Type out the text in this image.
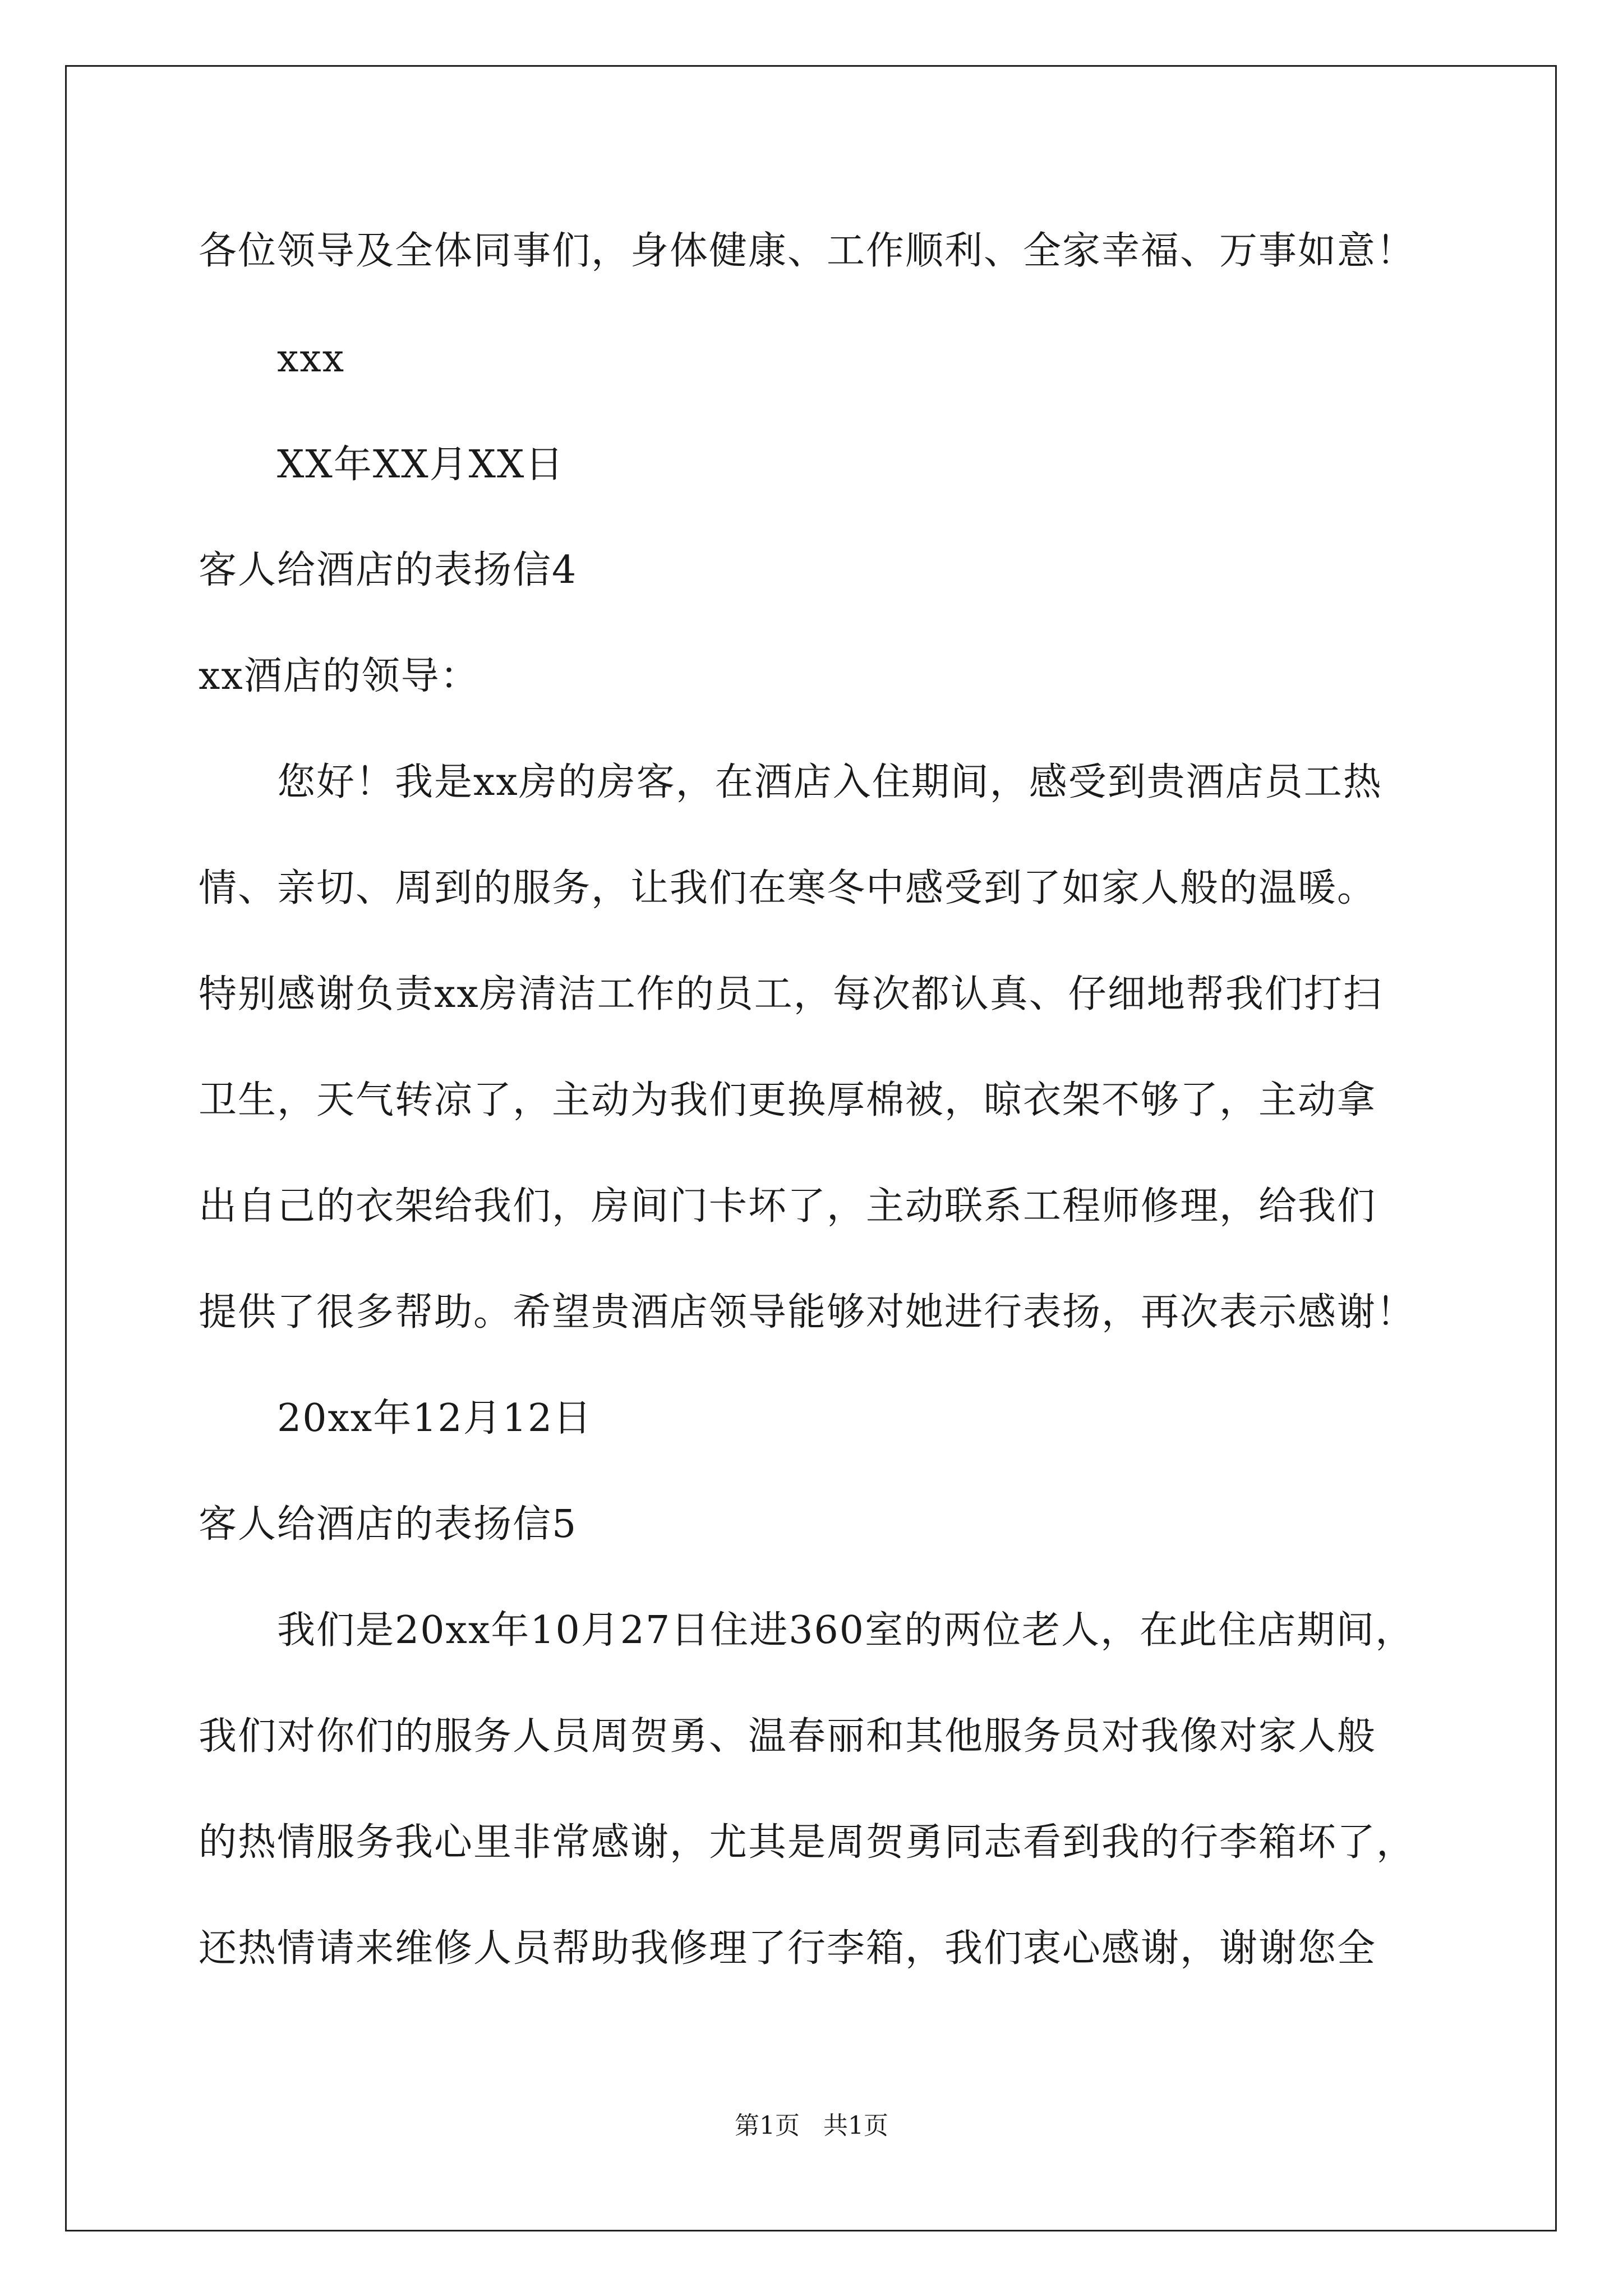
各位领导及全体同事们，身体健康、工作顺利、全家幸福、万事如意！
xxx
XX年XX月XX日
客人给酒店的表扬信4
xx酒店的领导：
您好！我是xx房的房客，在酒店入住期间，感受到贵酒店员工热
情、亲切、周到的服务，让我们在寒冬中感受到了如家人般的温暖。
特别感谢负责xx房清洁工作的员工，每次都认真、仔细地帮我们打扫
卫生，天气转凉了，主动为我们更换厚棉被，晾衣架不够了，主动拿
出自己的衣架给我们，房间门卡坏了，主动联系工程师修理，给我们
提供了很多帮助。希望贵酒店领导能够对她进行表扬，再次表示感谢！
20xx年12月12日
客人给酒店的表扬信5
我们是20xx年10月27日住进360室的两位老人，在此住店期间，
我们对你们的服务人员周贺勇、温春丽和其他服务员对我像对家人般
的热情服务我心里非常感谢，尤其是周贺勇同志看到我的行李箱坏了，
还热情请来维修人员帮助我修理了行李箱，我们衷心感谢，谢谢您全
第1页   共1页
